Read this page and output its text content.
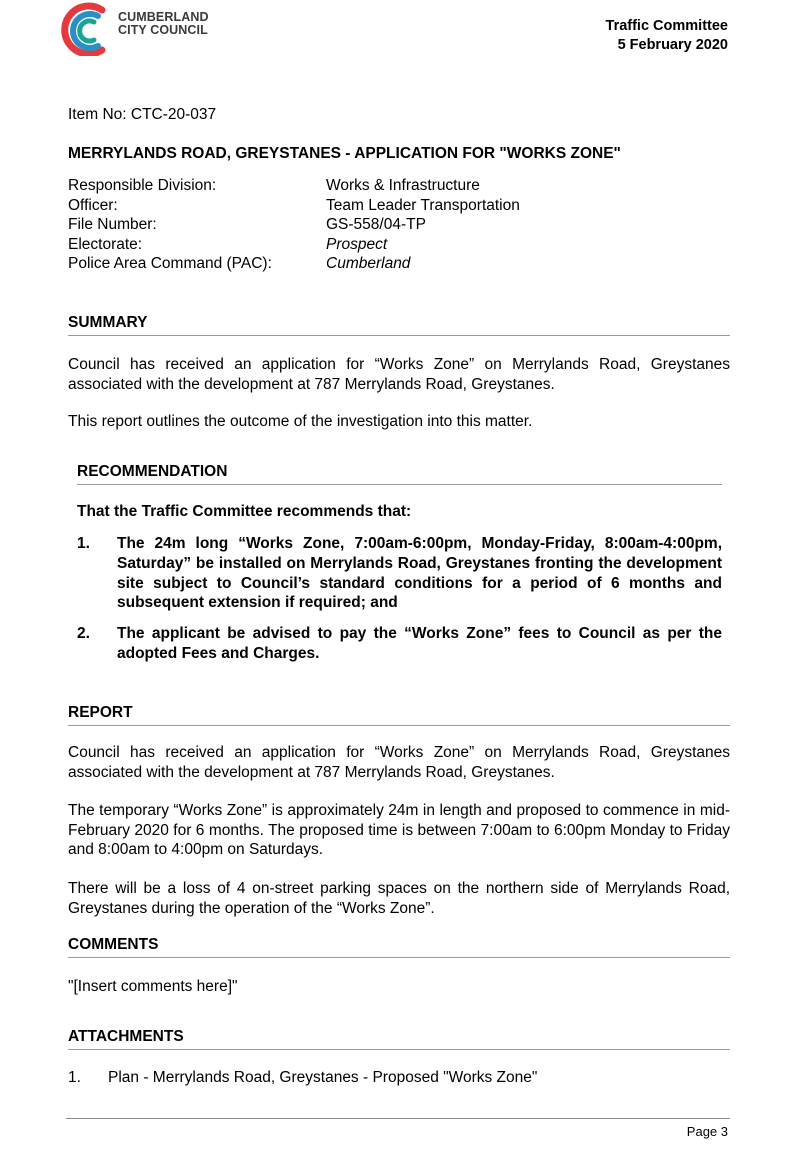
CUMBERLAND
CITY COUNCIL	Traffic Committee
5 February 2020
Item No: CTC-20-037
MERRYLANDS ROAD, GREYSTANES - APPLICATION FOR "WORKS ZONE"
Responsible Division:	Works & Infrastructure
Officer:	Team Leader Transportation
File Number:	GS-558/04-TP
Electorate:	Prospect
Police Area Command (PAC):	Cumberland
SUMMARY
Council has received an application for “Works Zone” on Merrylands Road, Greystanes associated with the development at 787 Merrylands Road, Greystanes.
This report outlines the outcome of the investigation into this matter.
RECOMMENDATION
That the Traffic Committee recommends that:
1.	The 24m long “Works Zone, 7:00am-6:00pm, Monday-Friday, 8:00am-4:00pm, Saturday” be installed on Merrylands Road, Greystanes fronting the development site subject to Council’s standard conditions for a period of 6 months and subsequent extension if required; and
2.	The applicant be advised to pay the “Works Zone” fees to Council as per the adopted Fees and Charges.
REPORT
Council has received an application for “Works Zone” on Merrylands Road, Greystanes associated with the development at 787 Merrylands Road, Greystanes.
The temporary “Works Zone” is approximately 24m in length and proposed to commence in mid-February 2020 for 6 months. The proposed time is between 7:00am to 6:00pm Monday to Friday and 8:00am to 4:00pm on Saturdays.
There will be a loss of 4 on-street parking spaces on the northern side of Merrylands Road, Greystanes during the operation of the “Works Zone”.
COMMENTS
"[Insert comments here]"
ATTACHMENTS
1.	Plan - Merrylands Road, Greystanes - Proposed "Works Zone"
Page 3
